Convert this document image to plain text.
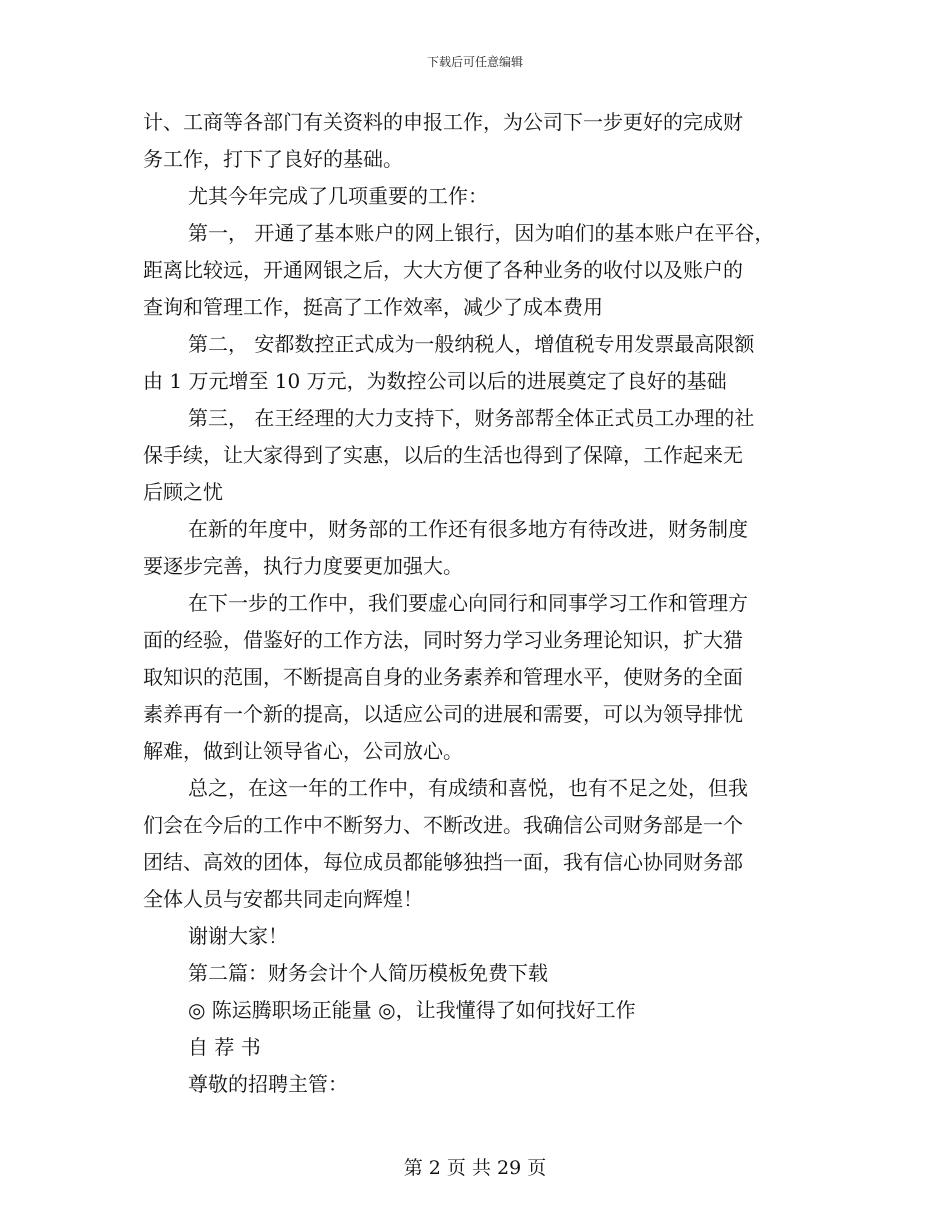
下载后可任意编辑

计、工商等各部门有关资料的申报工作，为公司下一步更好的完成财
务工作，打下了良好的基础。

尤其今年完成了几项重要的工作：

第一， 开通了基本账户的网上银行，因为咱们的基本账户在平谷，
距离比较远，开通网银之后，大大方便了各种业务的收付以及账户的
查询和管理工作，挺高了工作效率，减少了成本费用

第二， 安都数控正式成为一般纳税人，增值税专用发票最高限额
由 1 万元增至 10 万元，为数控公司以后的进展奠定了良好的基础

第三， 在王经理的大力支持下，财务部帮全体正式员工办理的社
保手续，让大家得到了实惠，以后的生活也得到了保障，工作起来无
后顾之忧

在新的年度中，财务部的工作还有很多地方有待改进，财务制度
要逐步完善，执行力度要更加强大。

在下一步的工作中，我们要虚心向同行和同事学习工作和管理方
面的经验，借鉴好的工作方法，同时努力学习业务理论知识，扩大猎
取知识的范围，不断提高自身的业务素养和管理水平，使财务的全面
素养再有一个新的提高，以适应公司的进展和需要，可以为领导排忧
解难，做到让领导省心，公司放心。

总之，在这一年的工作中，有成绩和喜悦，也有不足之处，但我
们会在今后的工作中不断努力、不断改进。我确信公司财务部是一个
团结、高效的团体，每位成员都能够独挡一面，我有信心协同财务部
全体人员与安都共同走向辉煌！

谢谢大家！

第二篇：财务会计个人简历模板免费下载

◎ 陈运腾职场正能量 ◎，让我懂得了如何找好工作

自 荐 书

尊敬的招聘主管：

第 2 页 共 29 页
